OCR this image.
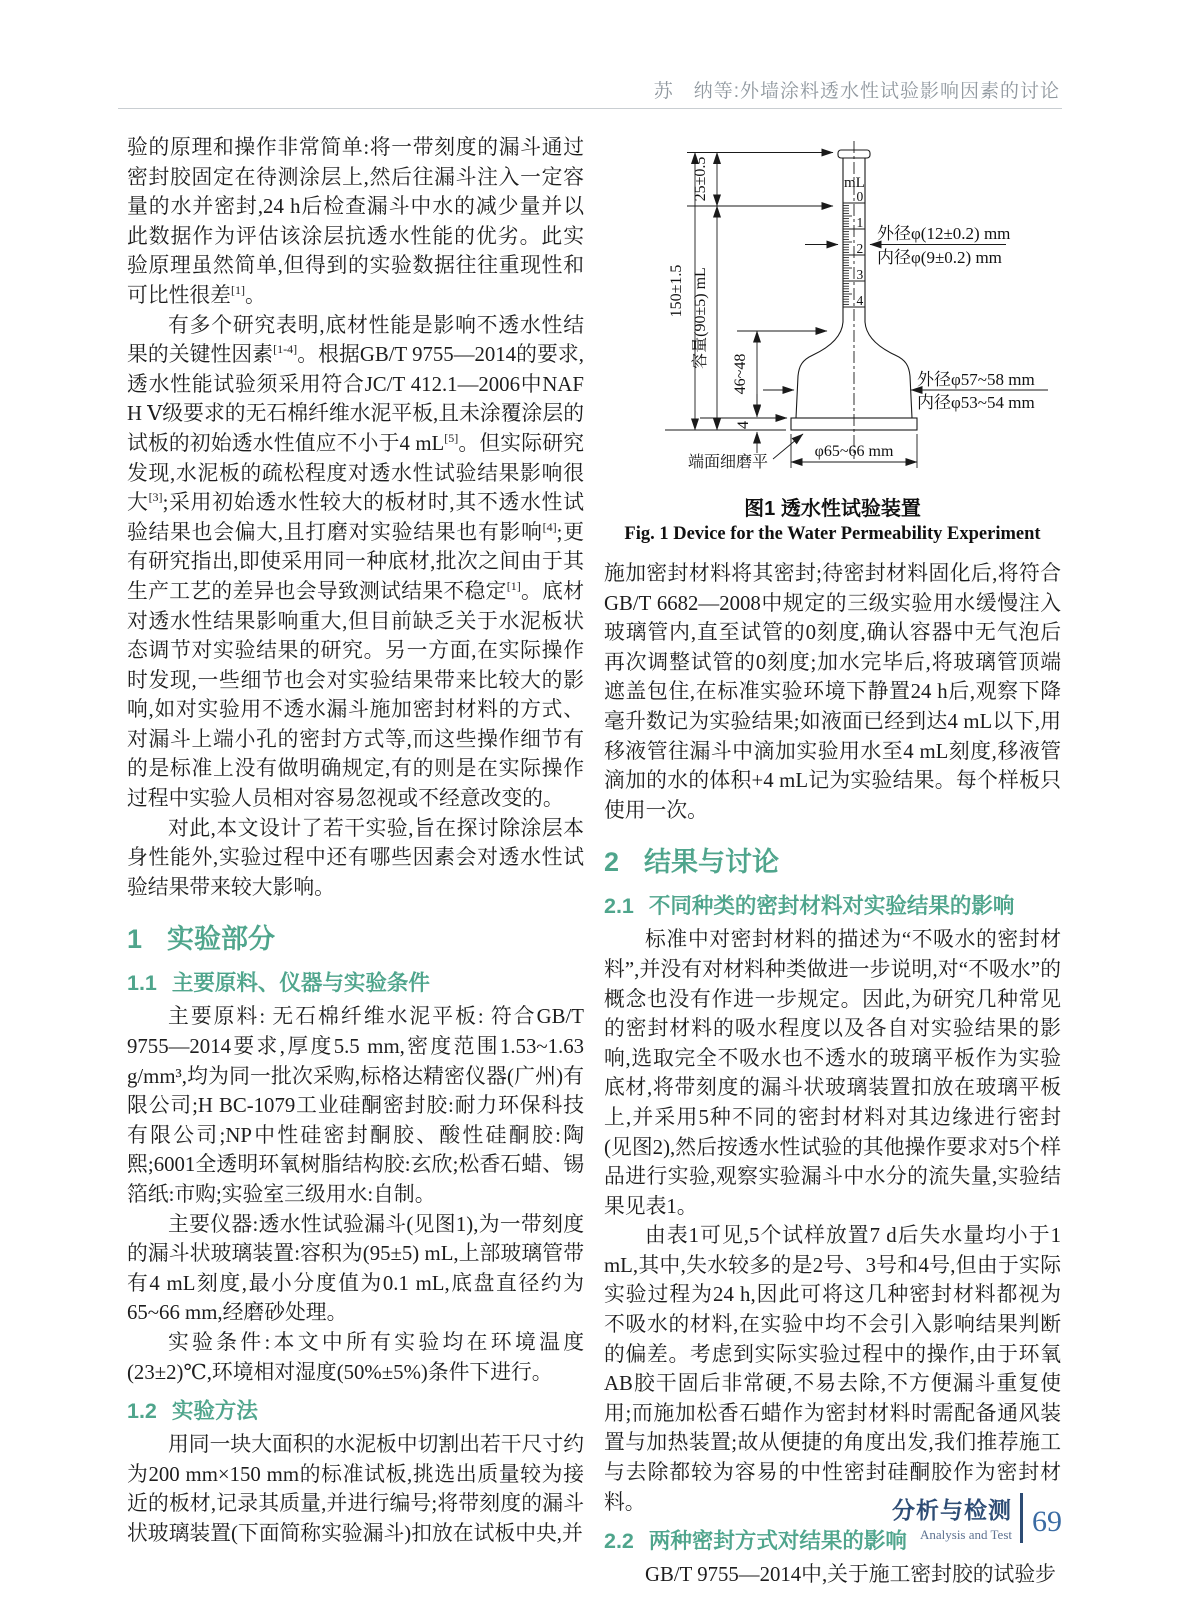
苏　纳等:外墙涂料透水性试验影响因素的讨论

验的原理和操作非常简单:将一带刻度的漏斗通过密封胶固定在待测涂层上,然后往漏斗注入一定容量的水并密封,24 h后检查漏斗中水的减少量并以此数据作为评估该涂层抗透水性能的优劣。此实验原理虽然简单,但得到的实验数据往往重现性和可比性很差[1]。

有多个研究表明,底材性能是影响不透水性结果的关键性因素[1-4]。根据GB/T 9755—2014的要求,透水性能试验须采用符合JC/T 412.1—2006中NAF H Ⅴ级要求的无石棉纤维水泥平板,且未涂覆涂层的试板的初始透水性值应不小于4 mL[5]。但实际研究发现,水泥板的疏松程度对透水性试验结果影响很大[3];采用初始透水性较大的板材时,其不透水性试验结果也会偏大,且打磨对实验结果也有影响[4];更有研究指出,即使采用同一种底材,批次之间由于其生产工艺的差异也会导致测试结果不稳定[1]。底材对透水性结果影响重大,但目前缺乏关于水泥板状态调节对实验结果的研究。另一方面,在实际操作时发现,一些细节也会对实验结果带来比较大的影响,如对实验用不透水漏斗施加密封材料的方式、对漏斗上端小孔的密封方式等,而这些操作细节有的是标准上没有做明确规定,有的则是在实际操作过程中实验人员相对容易忽视或不经意改变的。

对此,本文设计了若干实验,旨在探讨除涂层本身性能外,实验过程中还有哪些因素会对透水性试验结果带来较大影响。

1 实验部分
1.1 主要原料、仪器与实验条件

主要原料: 无石棉纤维水泥平板: 符合GB/T 9755—2014要求,厚度5.5 mm,密度范围1.53~1.63 g/mm³,均为同一批次采购,标格达精密仪器(广州)有限公司;H BC-1079工业硅酮密封胶:耐力环保科技有限公司;NP中性硅密封酮胶、酸性硅酮胶:陶熙;6001全透明环氧树脂结构胶:玄欣;松香石蜡、锡箔纸:市购;实验室三级用水:自制。

主要仪器:透水性试验漏斗(见图1),为一带刻度的漏斗状玻璃装置:容积为(95±5) mL,上部玻璃管带有4 mL刻度,最小分度值为0.1 mL,底盘直径约为65~66 mm,经磨砂处理。

实验条件:本文中所有实验均在环境温度(23±2)℃,环境相对湿度(50%±5%)条件下进行。

1.2 实验方法

用同一块大面积的水泥板中切割出若干尺寸约为200 mm×150 mm的标准试板,挑选出质量较为接近的板材,记录其质量,并进行编号;将带刻度的漏斗状玻璃装置(下面简称实验漏斗)扣放在试板中央,并

mL
0
1
2
3
4
150±1.5
25±0.5
容量(90±5) mL
46~48
4
端面细磨平
φ65~66 mm
外径φ(12±0.2) mm
内径φ(9±0.2) mm
外径φ57~58 mm
内径φ53~54 mm
图1 透水性试验装置
Fig. 1 Device for the Water Permeability Experiment

施加密封材料将其密封;待密封材料固化后,将符合GB/T 6682—2008中规定的三级实验用水缓慢注入玻璃管内,直至试管的0刻度,确认容器中无气泡后再次调整试管的0刻度;加水完毕后,将玻璃管顶端遮盖包住,在标准实验环境下静置24 h后,观察下降毫升数记为实验结果;如液面已经到达4 mL以下,用移液管往漏斗中滴加实验用水至4 mL刻度,移液管滴加的水的体积+4 mL记为实验结果。每个样板只使用一次。

2 结果与讨论
2.1 不同种类的密封材料对实验结果的影响

标准中对密封材料的描述为“不吸水的密封材料”,并没有对材料种类做进一步说明,对“不吸水”的概念也没有作进一步规定。因此,为研究几种常见的密封材料的吸水程度以及各自对实验结果的影响,选取完全不吸水也不透水的玻璃平板作为实验底材,将带刻度的漏斗状玻璃装置扣放在玻璃平板上,并采用5种不同的密封材料对其边缘进行密封(见图2),然后按透水性试验的其他操作要求对5个样品进行实验,观察实验漏斗中水分的流失量,实验结果见表1。

由表1可见,5个试样放置7 d后失水量均小于1 mL,其中,失水较多的是2号、3号和4号,但由于实际实验过程为24 h,因此可将这几种密封材料都视为不吸水的材料,在实验中均不会引入影响结果判断的偏差。考虑到实际实验过程中的操作,由于环氧AB胶干固后非常硬,不易去除,不方便漏斗重复使用;而施加松香石蜡作为密封材料时需配备通风装置与加热装置;故从便捷的角度出发,我们推荐施工与去除都较为容易的中性密封硅酮胶作为密封材料。

2.2 两种密封方式对结果的影响

GB/T 9755—2014中,关于施工密封胶的试验步

分析与检测
Analysis and Test 69
